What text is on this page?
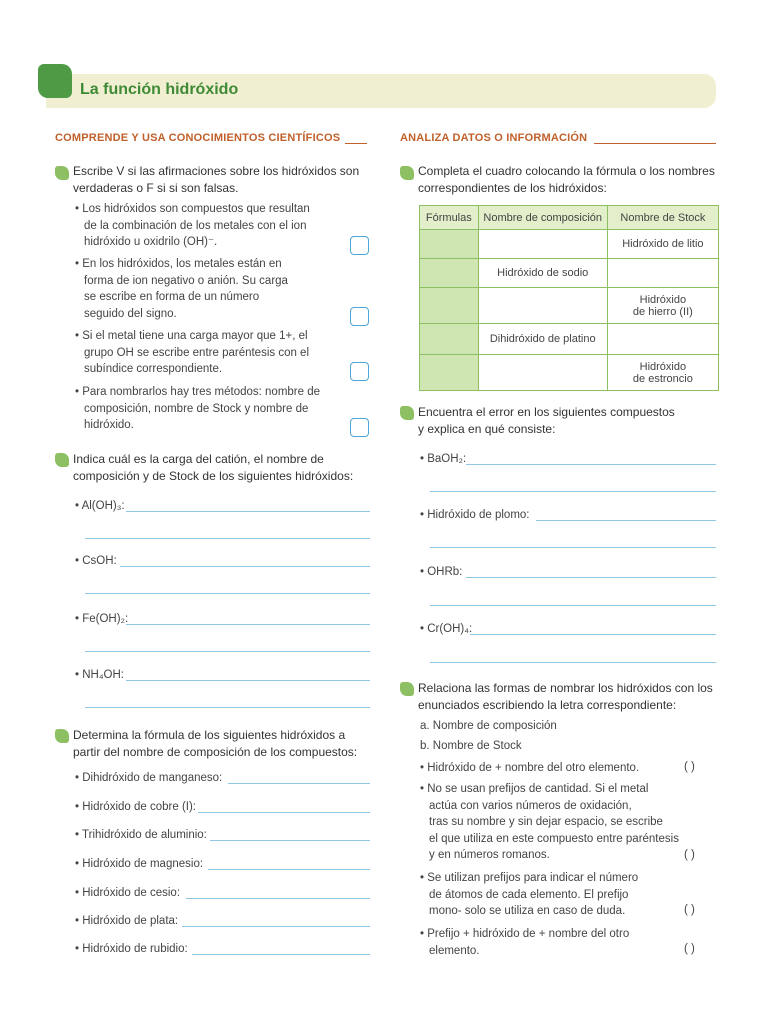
La función hidróxido
COMPRENDE Y USA CONOCIMIENTOS CIENTÍFICOS
Escribe V si las afirmaciones sobre los hidróxidos son
verdaderas o F si si son falsas.
• Los hidróxidos son compuestos que resultan
de la combinación de los metales con el ion
hidróxido u oxidrilo (OH)⁻.
• En los hidróxidos, los metales están en
forma de ion negativo o anión. Su carga
se escribe en forma de un número
seguido del signo.
• Si el metal tiene una carga mayor que 1+, el
grupo OH se escribe entre paréntesis con el
subíndice correspondiente.
• Para nombrarlos hay tres métodos: nombre de
composición, nombre de Stock y nombre de
hidróxido.
Indica cuál es la carga del catión, el nombre de
composición y de Stock de los siguientes hidróxidos:
• Al(OH)₃:
• CsOH:
• Fe(OH)₂:
• NH₄OH:
Determina la fórmula de los siguientes hidróxidos a
partir del nombre de composición de los compuestos:
• Dihidróxido de manganeso:
• Hidróxido de cobre (I):
• Trihidróxido de aluminio:
• Hidróxido de magnesio:
• Hidróxido de cesio:
• Hidróxido de plata:
• Hidróxido de rubidio:
ANALIZA DATOS O INFORMACIÓN
Completa el cuadro colocando la fórmula o los nombres
correspondientes de los hidróxidos:
Fórmulas	Nombre de composición	Nombre de Stock

		Hidróxido de litio

	Hidróxido de sodio	

		Hidróxido
de hierro (II)

	Dihidróxido de platino	

		Hidróxido
de estroncio
Encuentra el error en los siguientes compuestos
y explica en qué consiste:
• BaOH₂:
• Hidróxido de plomo:
• OHRb:
• Cr(OH)₄:
Relaciona las formas de nombrar los hidróxidos con los
enunciados escribiendo la letra correspondiente:
a. Nombre de composición
b. Nombre de Stock
• Hidróxido de + nombre del otro elemento.	( )
• No se usan prefijos de cantidad. Si el metal
actúa con varios números de oxidación,
tras su nombre y sin dejar espacio, se escribe
el que utiliza en este compuesto entre paréntesis
y en números romanos.	( )
• Se utilizan prefijos para indicar el número
de átomos de cada elemento. El prefijo
mono- solo se utiliza en caso de duda.	( )
• Prefijo + hidróxido de + nombre del otro
elemento.	( )
